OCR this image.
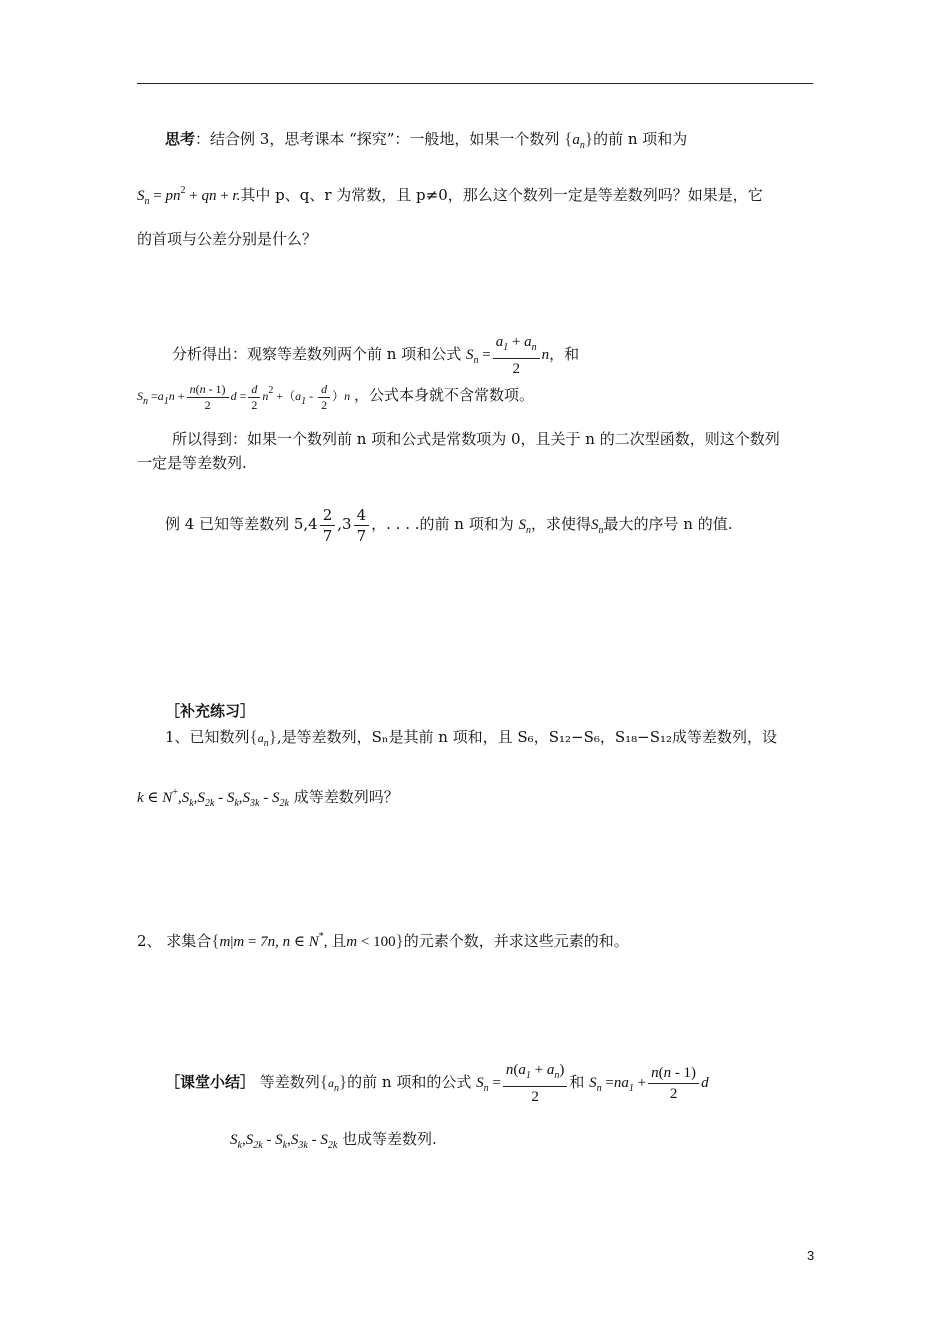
思考：结合例 3，思考课本 “探究”：一般地，如果一个数列 $\{a_n\}$的前 n 项和为
$S_n = pn^2$ + qn + r.其中 p、q、r 为常数，且 p≠0，那么这个数列一定是等差数列吗？如果是，它
的首项与公差分别是什么？
分析得出：观察等差数列两个前 n 项和公式 $S_n = \frac{a_1 + a_n}{2}$ n，和
$S_n =a_1n + \frac{n(n - 1)}{2}$ $d = \frac{d}{2} n^2 +(a_1 - \frac{d}{2} )n$ ，公式本身就不含常数项。
所以得到：如果一个数列前 n 项和公式是常数项为 0，且关于 n 的二次型函数，则这个数列
一定是等差数列.
例 4 已知等差数列 $5,4 \frac{2}{7} ,3 \frac{4}{7}$ ，. . . .的前 n 项和为 $S_n$，求使得$S_n$最大的序号 n 的值.
［补充练习］
1、已知数列$\{a_n\}$,是等差数列，Sₙ是其前 n 项和，且 S₆，S₁₂−S₆，S₁₈−S₁₂成等差数列，设
k ∈ $N^+,S_k,S_{2k} - S_k,S_{3k} - S_{2k}$ 成等差数列吗？
2、 求集合{m|m = 7n, n ∈ N*, 且m < 100}的元素个数，并求这些元素的和。
［课堂小结］ 等差数列$\{a_n\}$的前 n 项和的公式 $S_n = \frac{n(a_1 + a_n)}{2}$ 和 $S_n =na_1 + \frac{n(n - 1)}{2}$ d
$S_k,S_{2k} - S_k,S_{3k} - S_{2k}$ 也成等差数列.
3
